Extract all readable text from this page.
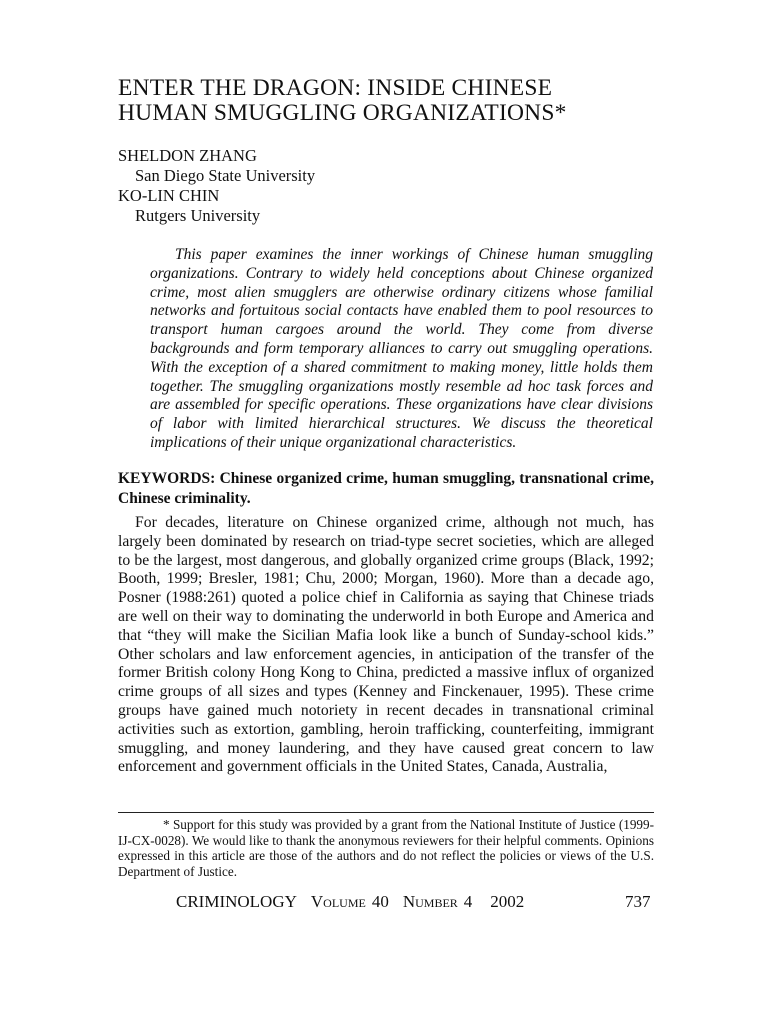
ENTER THE DRAGON: INSIDE CHINESE
HUMAN SMUGGLING ORGANIZATIONS*
SHELDON ZHANG
San Diego State University
KO-LIN CHIN
Rutgers University

This paper examines the inner workings of Chinese human smuggling organizations. Contrary to widely held conceptions about Chinese organized crime, most alien smugglers are otherwise ordinary citizens whose familial networks and fortuitous social contacts have enabled them to pool resources to transport human cargoes around the world. They come from diverse backgrounds and form temporary alliances to carry out smuggling operations. With the exception of a shared commitment to making money, little holds them together. The smuggling organizations mostly resemble ad hoc task forces and are assembled for specific operations. These organizations have clear divisions of labor with limited hierarchical structures. We discuss the theoretical implications of their unique organizational characteristics.

KEYWORDS: Chinese organized crime, human smuggling, transnational crime, Chinese criminality.

For decades, literature on Chinese organized crime, although not much, has largely been dominated by research on triad-type secret societies, which are alleged to be the largest, most dangerous, and globally organized crime groups (Black, 1992; Booth, 1999; Bresler, 1981; Chu, 2000; Morgan, 1960). More than a decade ago, Posner (1988:261) quoted a police chief in California as saying that Chinese triads are well on their way to dominating the underworld in both Europe and America and that “they will make the Sicilian Mafia look like a bunch of Sunday-school kids.” Other scholars and law enforcement agencies, in anticipation of the transfer of the former British colony Hong Kong to China, predicted a massive influx of organized crime groups of all sizes and types (Kenney and Finckenauer, 1995). These crime groups have gained much notoriety in recent decades in transnational criminal activities such as extortion, gambling, heroin trafficking, counterfeiting, immigrant smuggling, and money laundering, and they have caused great concern to law enforcement and government officials in the United States, Canada, Australia,

* Support for this study was provided by a grant from the National Institute of Justice (1999-IJ-CX-0028). We would like to thank the anonymous reviewers for their helpful comments. Opinions expressed in this article are those of the authors and do not reflect the policies or views of the U.S. Department of Justice.

CRIMINOLOGY Volume 40 Number 4 2002	737
